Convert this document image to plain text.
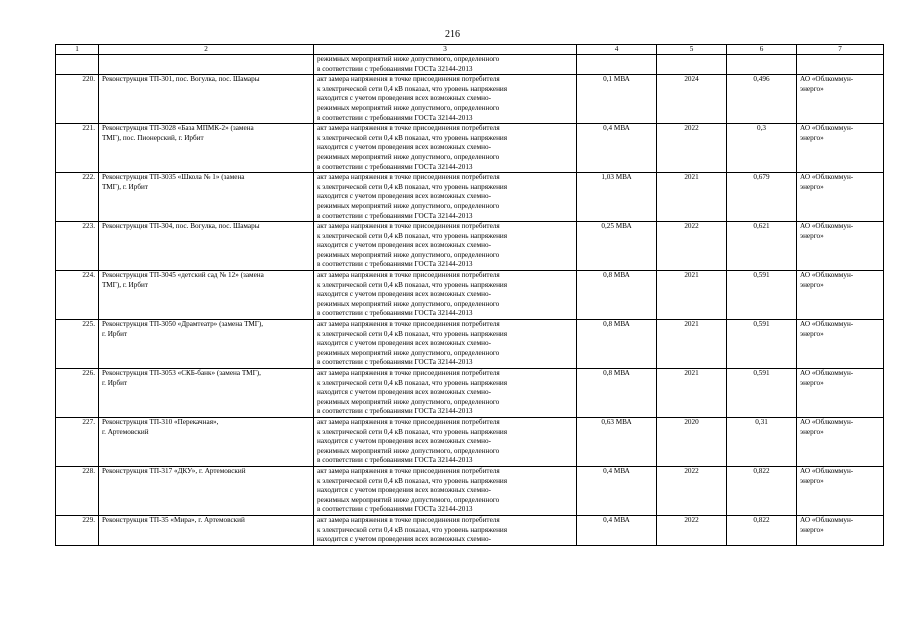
216
1	2	3	4	5	6	7
		режимных мероприятий ниже допустимого, определенного
в соответствии с требованиями ГОСТа 32144-2013				
220.	Реконструкция ТП-301, пос. Вогулка, пос. Шамары	акт замера напряжения в точке присоединения потребителя
к электрической сети 0,4 кВ показал, что уровень напряжения
находится с учетом проведения всех возможных схемно-
режимных мероприятий ниже допустимого, определенного
в соответствии с требованиями ГОСТа 32144-2013	0,1 МВА	2024	0,496	АО «Облкоммун-
энерго»
221.	Реконструкция ТП-3028 «База МПМК-2» (замена
ТМГ), пос. Пионерский, г. Ирбит	акт замера напряжения в точке присоединения потребителя
к электрической сети 0,4 кВ показал, что уровень напряжения
находится с учетом проведения всех возможных схемно-
режимных мероприятий ниже допустимого, определенного
в соответствии с требованиями ГОСТа 32144-2013	0,4 МВА	2022	0,3	АО «Облкоммун-
энерго»
222.	Реконструкция ТП-3035 «Школа № 1» (замена
ТМГ), г. Ирбит	акт замера напряжения в точке присоединения потребителя
к электрической сети 0,4 кВ показал, что уровень напряжения
находится с учетом проведения всех возможных схемно-
режимных мероприятий ниже допустимого, определенного
в соответствии с требованиями ГОСТа 32144-2013	1,03 МВА	2021	0,679	АО «Облкоммун-
энерго»
223.	Реконструкция ТП-304, пос. Вогулка, пос. Шамары	акт замера напряжения в точке присоединения потребителя
к электрической сети 0,4 кВ показал, что уровень напряжения
находится с учетом проведения всех возможных схемно-
режимных мероприятий ниже допустимого, определенного
в соответствии с требованиями ГОСТа 32144-2013	0,25 МВА	2022	0,621	АО «Облкоммун-
энерго»
224.	Реконструкция ТП-3045 «детский сад № 12» (замена
ТМГ), г. Ирбит	акт замера напряжения в точке присоединения потребителя
к электрической сети 0,4 кВ показал, что уровень напряжения
находится с учетом проведения всех возможных схемно-
режимных мероприятий ниже допустимого, определенного
в соответствии с требованиями ГОСТа 32144-2013	0,8 МВА	2021	0,591	АО «Облкоммун-
энерго»
225.	Реконструкция ТП-3050 «Драмтеатр» (замена ТМГ),
г. Ирбит	акт замера напряжения в точке присоединения потребителя
к электрической сети 0,4 кВ показал, что уровень напряжения
находится с учетом проведения всех возможных схемно-
режимных мероприятий ниже допустимого, определенного
в соответствии с требованиями ГОСТа 32144-2013	0,8 МВА	2021	0,591	АО «Облкоммун-
энерго»
226.	Реконструкция ТП-3053 «СКБ-банк» (замена ТМГ),
г. Ирбит	акт замера напряжения в точке присоединения потребителя
к электрической сети 0,4 кВ показал, что уровень напряжения
находится с учетом проведения всех возможных схемно-
режимных мероприятий ниже допустимого, определенного
в соответствии с требованиями ГОСТа 32144-2013	0,8 МВА	2021	0,591	АО «Облкоммун-
энерго»
227.	Реконструкция ТП-310 «Перекачная»,
г. Артемовский	акт замера напряжения в точке присоединения потребителя
к электрической сети 0,4 кВ показал, что уровень напряжения
находится с учетом проведения всех возможных схемно-
режимных мероприятий ниже допустимого, определенного
в соответствии с требованиями ГОСТа 32144-2013	0,63 МВА	2020	0,31	АО «Облкоммун-
энерго»
228.	Реконструкция ТП-317 «ДКУ», г. Артемовский	акт замера напряжения в точке присоединения потребителя
к электрической сети 0,4 кВ показал, что уровень напряжения
находится с учетом проведения всех возможных схемно-
режимных мероприятий ниже допустимого, определенного
в соответствии с требованиями ГОСТа 32144-2013	0,4 МВА	2022	0,822	АО «Облкоммун-
энерго»
229.	Реконструкция ТП-35 «Мира», г. Артемовский	акт замера напряжения в точке присоединения потребителя
к электрической сети 0,4 кВ показал, что уровень напряжения
находится с учетом проведения всех возможных схемно-	0,4 МВА	2022	0,822	АО «Облкоммун-
энерго»
